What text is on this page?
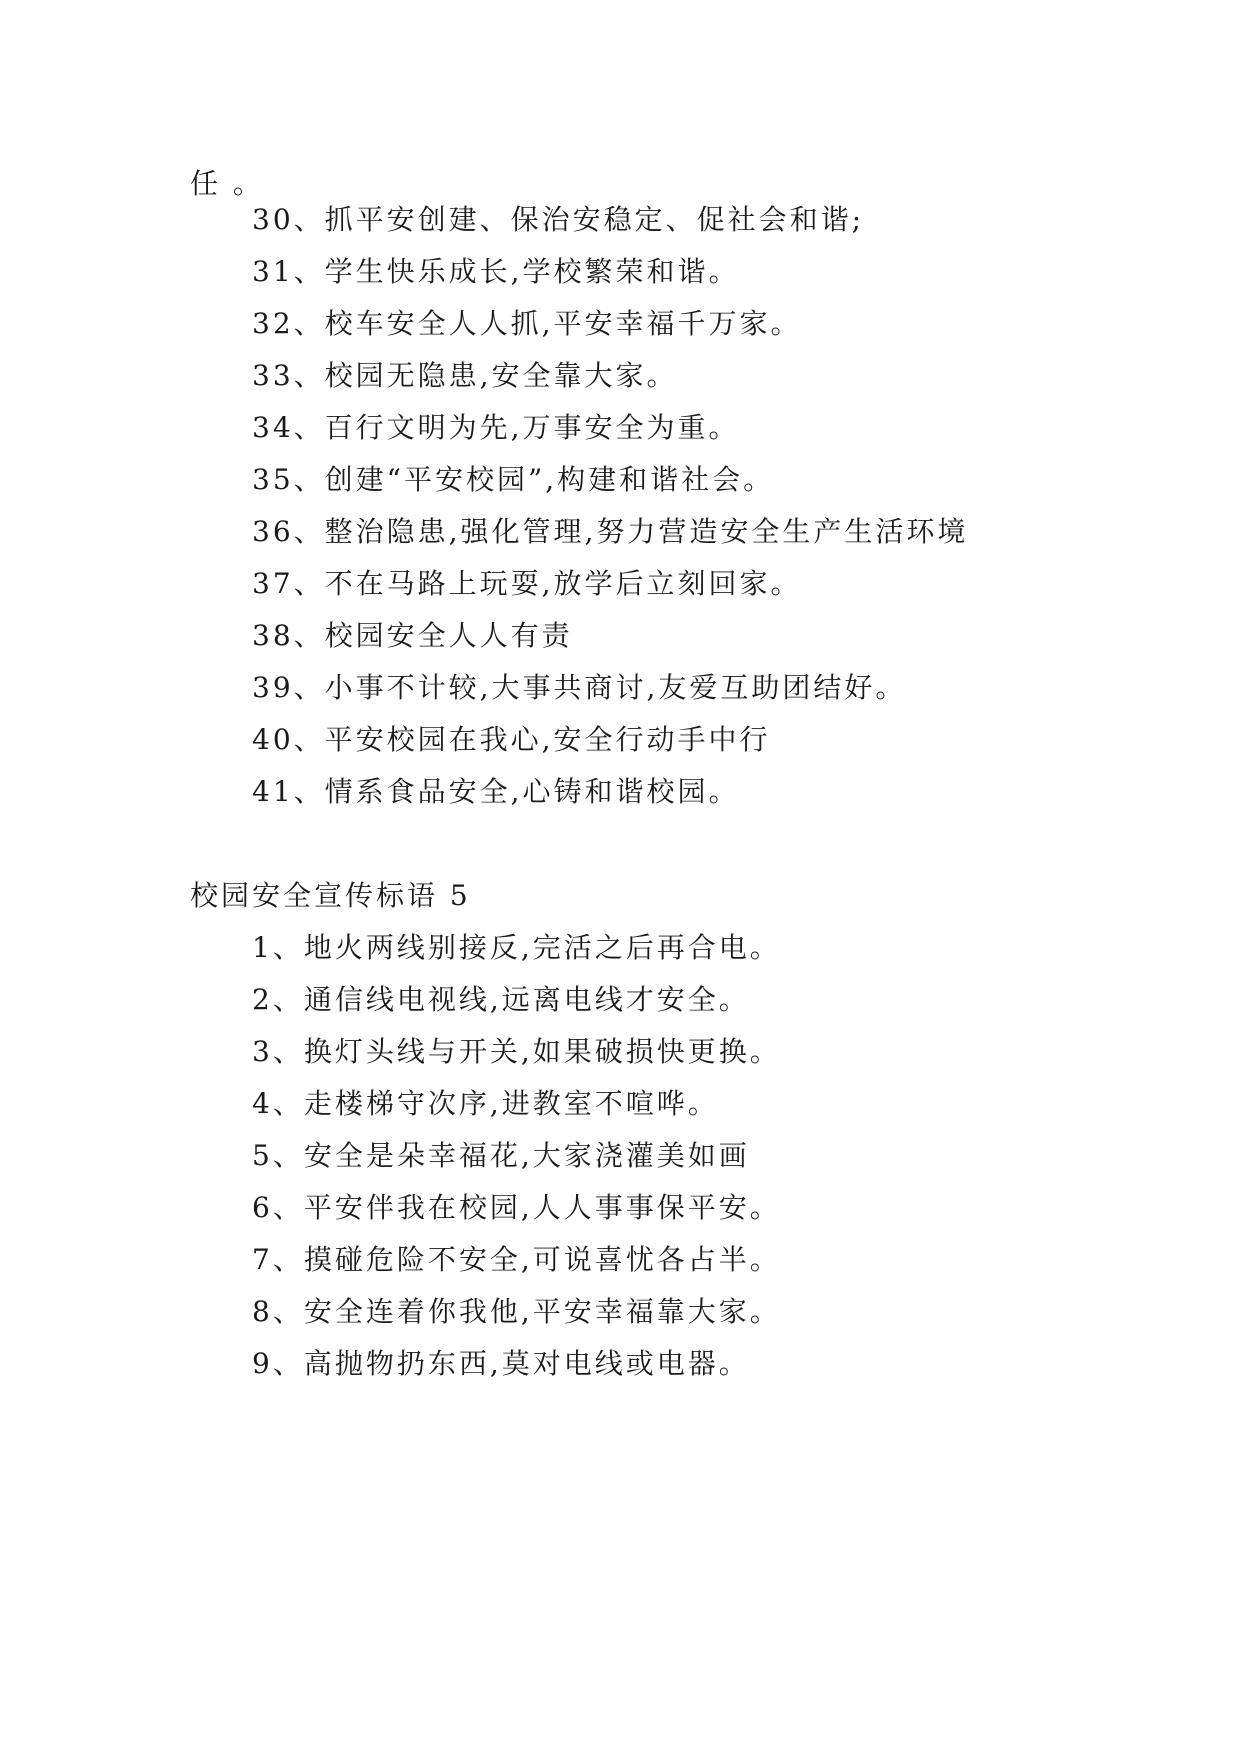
任 。
30、抓平安创建、保治安稳定、促社会和谐;
31、学生快乐成长,学校繁荣和谐。
32、校车安全人人抓,平安幸福千万家。
33、校园无隐患,安全靠大家。
34、百行文明为先,万事安全为重。
35、创建“平安校园”,构建和谐社会。
36、整治隐患,强化管理,努力营造安全生产生活环境
37、不在马路上玩耍,放学后立刻回家。
38、校园安全人人有责
39、小事不计较,大事共商讨,友爱互助团结好。
40、平安校园在我心,安全行动手中行
41、情系食品安全,心铸和谐校园。
校园安全宣传标语 5
1、地火两线别接反,完活之后再合电。
2、通信线电视线,远离电线才安全。
3、换灯头线与开关,如果破损快更换。
4、走楼梯守次序,进教室不喧哗。
5、安全是朵幸福花,大家浇灌美如画
6、平安伴我在校园,人人事事保平安。
7、摸碰危险不安全,可说喜忧各占半。
8、安全连着你我他,平安幸福靠大家。
9、高抛物扔东西,莫对电线或电器。
